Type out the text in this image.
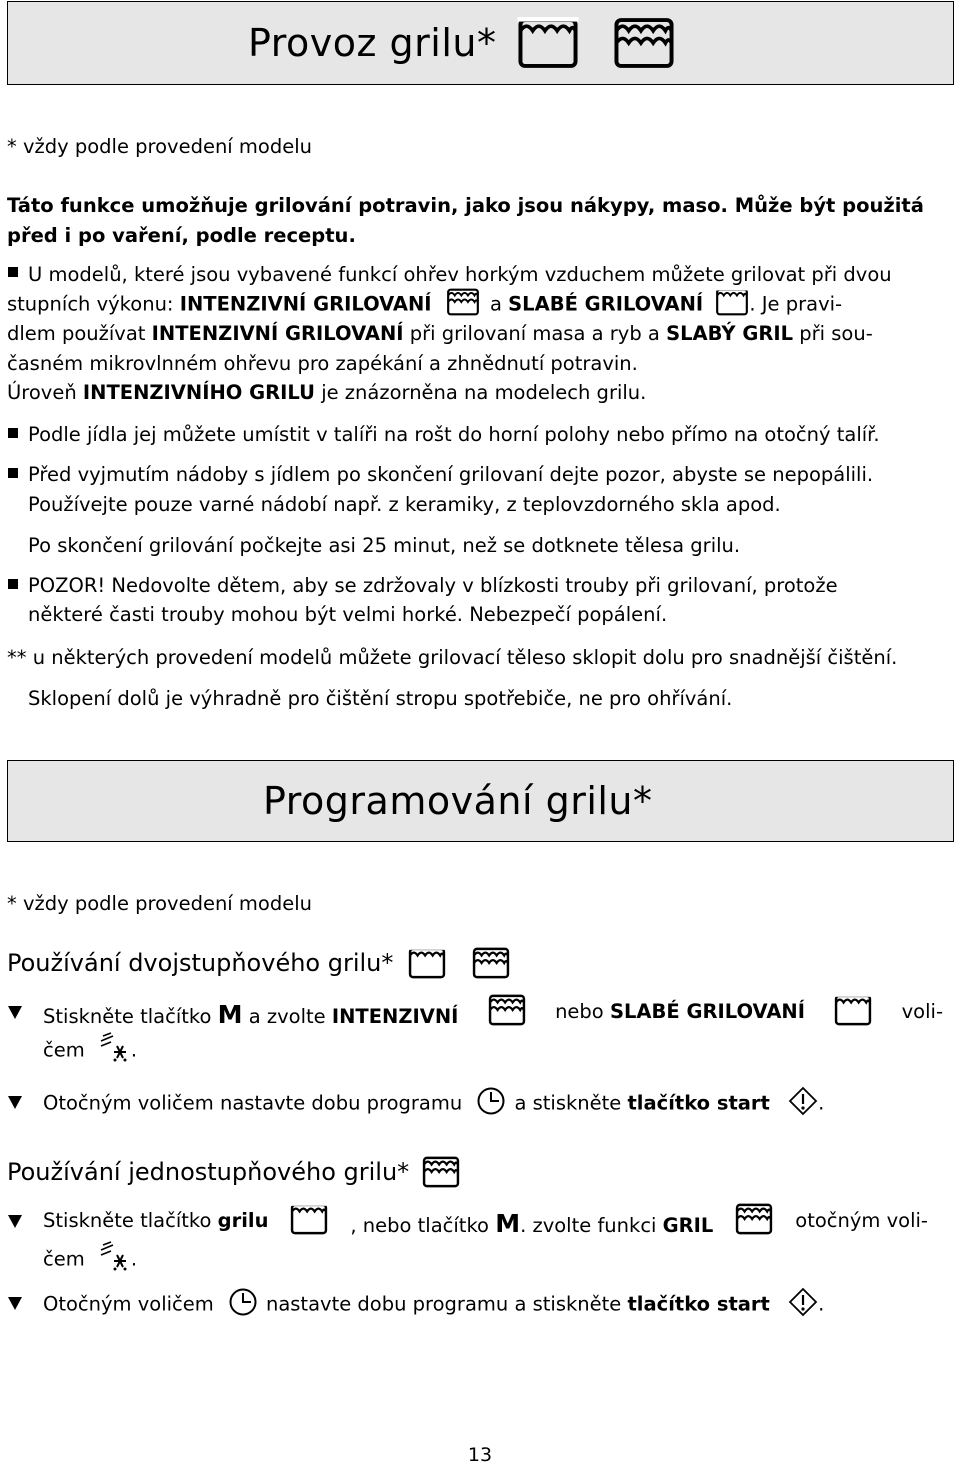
Provoz grilu*
* vždy podle provedení modelu
Táto funkce umožňuje grilování potravin, jako jsou nákypy, maso. Může být použitá
před i po vaření, podle receptu.
U modelů, které jsou vybavené funkcí ohřev horkým vzduchem můžete grilovat při dvou
stupních výkonu: INTENZIVNÍ GRILOVANÍ	a SLABÉ GRILOVANÍ . Je pravi-
dlem používat INTENZIVNÍ GRILOVANÍ při grilovaní masa a ryb a SLABÝ GRIL při sou-
časném mikrovlnném ohřevu pro zapékání a zhnědnutí potravin.
Úroveň INTENZIVNÍHO GRILU je znázorněna na modelech grilu.
Podle jídla jej můžete umístit v talíři na rošt do horní polohy nebo přímo na otočný talíř.
Před vyjmutím nádoby s jídlem po skončení grilovaní dejte pozor, abyste se nepopálili.
Používejte pouze varné nádobí např. z keramiky, z teplovzdorného skla apod.
Po skončení grilování počkejte asi 25 minut, než se dotknete tělesa grilu.
POZOR! Nedovolte dětem, aby se zdržovaly v blízkosti trouby při grilovaní, protože
některé časti trouby mohou být velmi horké. Nebezpečí popálení.
** u některých provedení modelů můžete grilovací těleso sklopit dolu pro snadnější čištění.
Sklopení dolů je výhradně pro čištění stropu spotřebiče, ne pro ohřívání.
Programování grilu*
* vždy podle provedení modelu
Používání dvojstupňového grilu*
Stiskněte tlačítko M a zvolte INTENZIVNÍ	nebo SLABÉ GRILOVANÍ	voli-
čem .
Otočným voličem nastavte dobu programu	a stiskněte tlačítko start .
Používání jednostupňového grilu*
Stiskněte tlačítko grilu	, nebo tlačítko M. zvolte funkci GRIL	otočným voli-
čem .
Otočným voličem	nastavte dobu programu a stiskněte tlačítko start .
13
